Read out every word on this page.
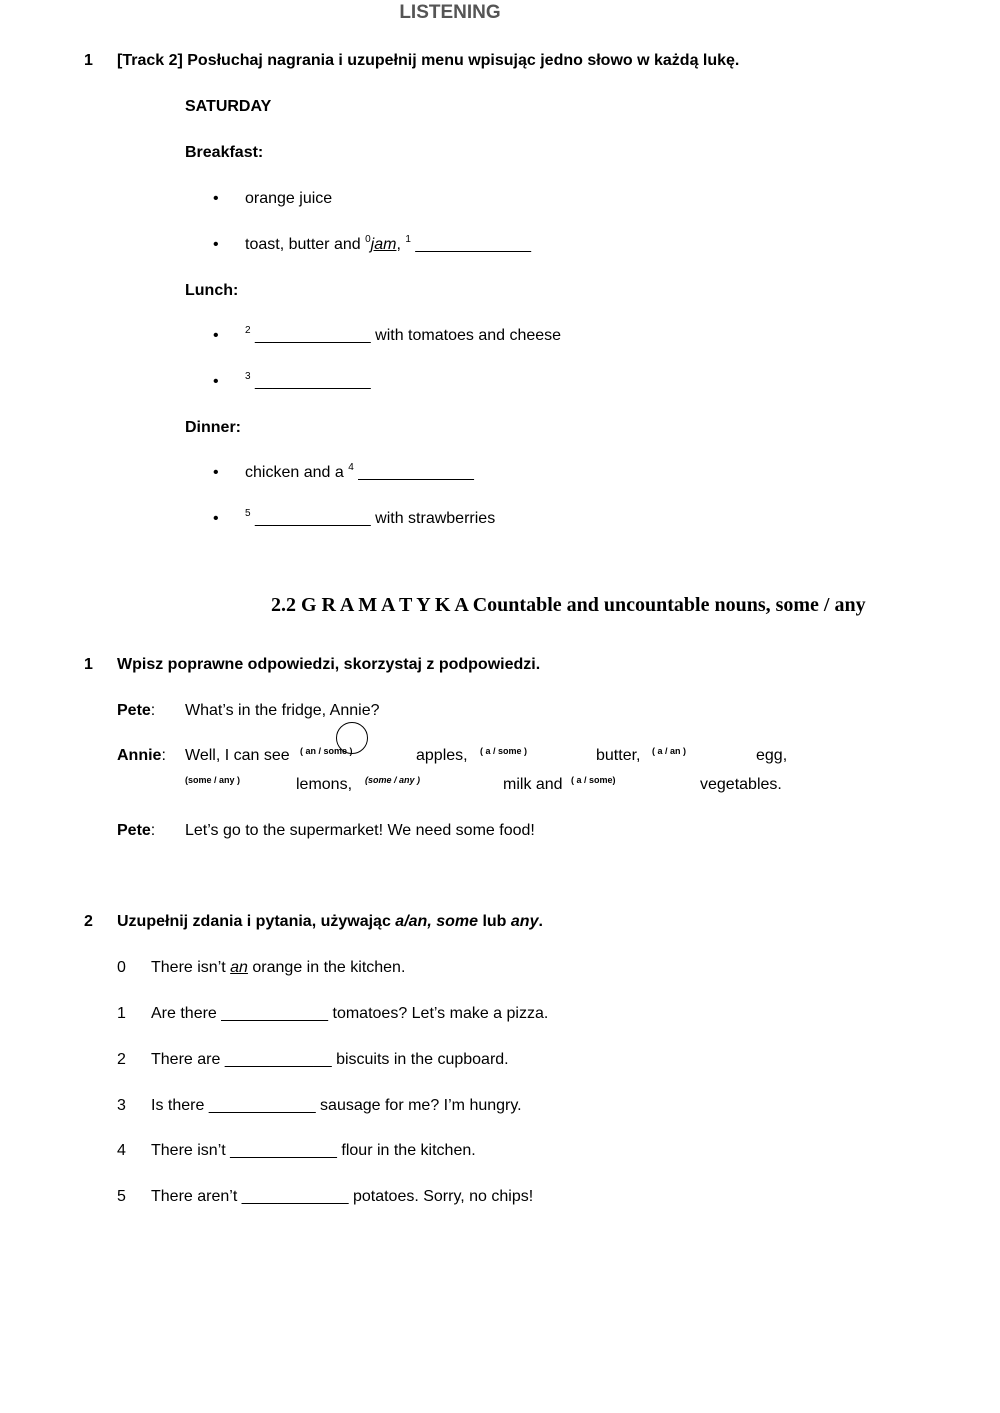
LISTENING
1 [Track 2] Posłuchaj nagrania i uzupełnij menu wpisując jedno słowo w każdą lukę.
SATURDAY
Breakfast:
• orange juice
• toast, butter and $^0$jam, $^1$ _____________
Lunch:
•	$^2$ _____________ with tomatoes and cheese
•	$^3$ _____________
Dinner:
• chicken and a $^4$ _____________
•	$^5$ _____________ with strawberries
2.2 G R A M A T Y K A Countable and uncountable nouns, some / any
1 Wpisz poprawne odpowiedzi, skorzystaj z podpowiedzi.
Pete: What’s in the fridge, Annie?
Annie: Well, I can see ( an / some )	apples, ( a / some )	butter, ( a / an )	egg,
(some / any )	lemons, (some / any )	milk and ( a / some)	vegetables.
Pete: Let’s go to the supermarket! We need some food!
2 Uzupełnij zdania i pytania, używając a/an, some lub any.
0 There isn’t an orange in the kitchen.
1 Are there ____________ tomatoes? Let’s make a pizza.
2 There are ____________ biscuits in the cupboard.
3 Is there ____________ sausage for me? I’m hungry.
4 There isn’t ____________ flour in the kitchen.
5 There aren’t ____________ potatoes. Sorry, no chips!
